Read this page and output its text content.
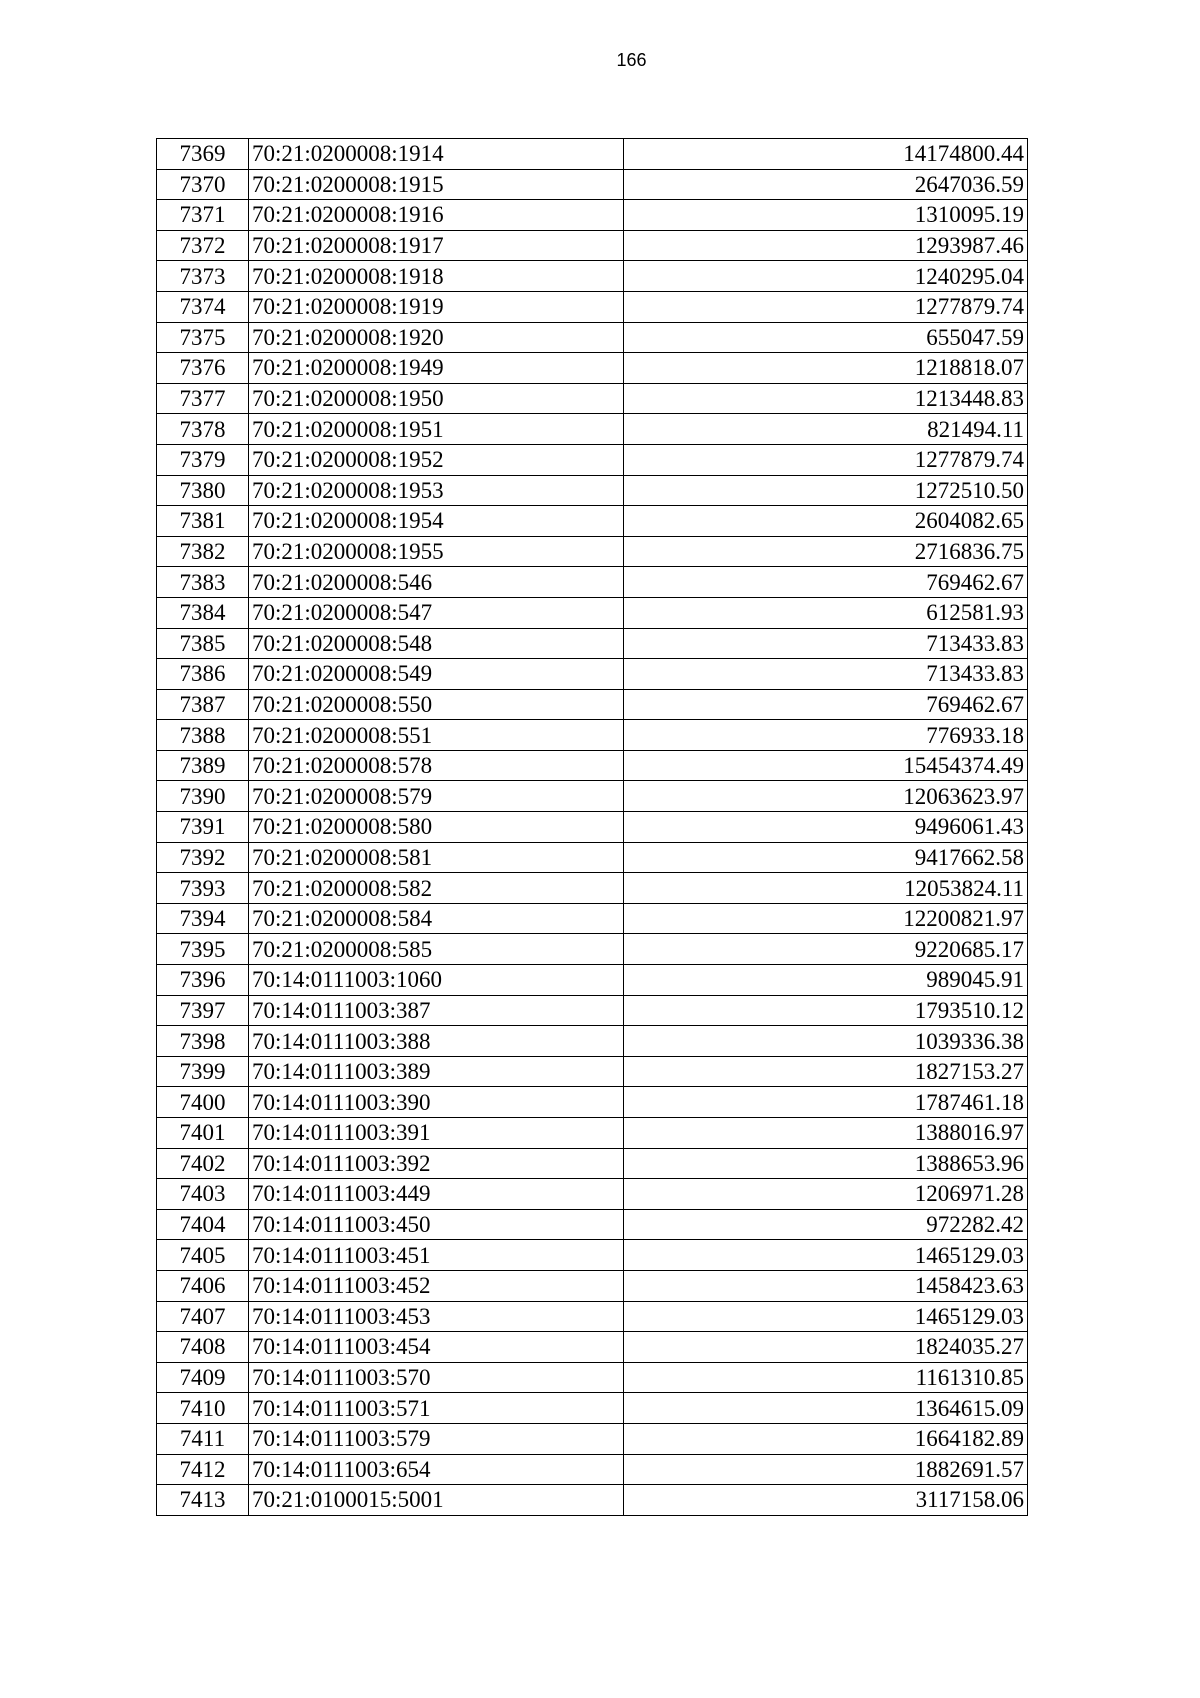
166
7369	70:21:0200008:1914	14174800.44
7370	70:21:0200008:1915	2647036.59
7371	70:21:0200008:1916	1310095.19
7372	70:21:0200008:1917	1293987.46
7373	70:21:0200008:1918	1240295.04
7374	70:21:0200008:1919	1277879.74
7375	70:21:0200008:1920	655047.59
7376	70:21:0200008:1949	1218818.07
7377	70:21:0200008:1950	1213448.83
7378	70:21:0200008:1951	821494.11
7379	70:21:0200008:1952	1277879.74
7380	70:21:0200008:1953	1272510.50
7381	70:21:0200008:1954	2604082.65
7382	70:21:0200008:1955	2716836.75
7383	70:21:0200008:546	769462.67
7384	70:21:0200008:547	612581.93
7385	70:21:0200008:548	713433.83
7386	70:21:0200008:549	713433.83
7387	70:21:0200008:550	769462.67
7388	70:21:0200008:551	776933.18
7389	70:21:0200008:578	15454374.49
7390	70:21:0200008:579	12063623.97
7391	70:21:0200008:580	9496061.43
7392	70:21:0200008:581	9417662.58
7393	70:21:0200008:582	12053824.11
7394	70:21:0200008:584	12200821.97
7395	70:21:0200008:585	9220685.17
7396	70:14:0111003:1060	989045.91
7397	70:14:0111003:387	1793510.12
7398	70:14:0111003:388	1039336.38
7399	70:14:0111003:389	1827153.27
7400	70:14:0111003:390	1787461.18
7401	70:14:0111003:391	1388016.97
7402	70:14:0111003:392	1388653.96
7403	70:14:0111003:449	1206971.28
7404	70:14:0111003:450	972282.42
7405	70:14:0111003:451	1465129.03
7406	70:14:0111003:452	1458423.63
7407	70:14:0111003:453	1465129.03
7408	70:14:0111003:454	1824035.27
7409	70:14:0111003:570	1161310.85
7410	70:14:0111003:571	1364615.09
7411	70:14:0111003:579	1664182.89
7412	70:14:0111003:654	1882691.57
7413	70:21:0100015:5001	3117158.06
